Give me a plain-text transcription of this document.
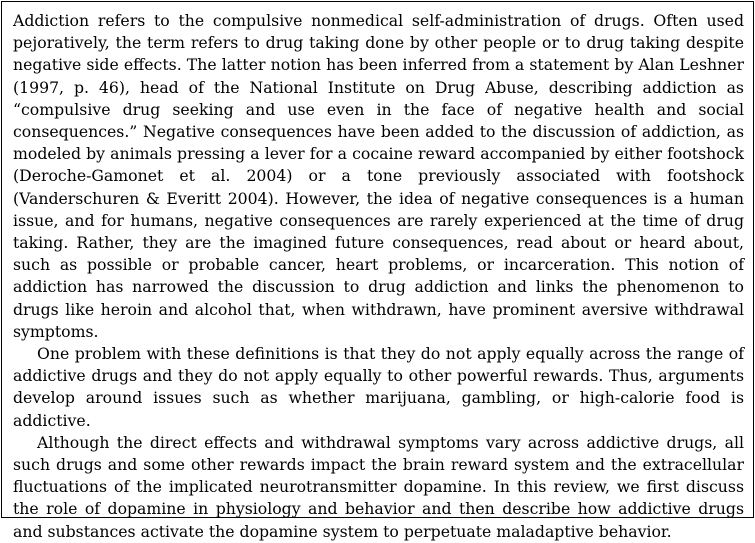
Addiction refers to the compulsive nonmedical self-administration of drugs. Often used pejoratively, the term refers to drug taking done by other people or to drug taking despite negative side effects. The latter notion has been inferred from a statement by Alan Leshner (1997, p. 46), head of the National Institute on Drug Abuse, describing addiction as “compulsive drug seeking and use even in the face of negative health and social consequences.” Negative consequences have been added to the discussion of addiction, as modeled by animals pressing a lever for a cocaine reward accompanied by either footshock (Deroche-Gamonet et al. 2004) or a tone previously associated with footshock (Vanderschuren & Everitt 2004). However, the idea of negative consequences is a human issue, and for humans, negative consequences are rarely experienced at the time of drug taking. Rather, they are the imagined future consequences, read about or heard about, such as possible or probable cancer, heart problems, or incarceration. This notion of addiction has narrowed the discussion to drug addiction and links the phenomenon to drugs like heroin and alcohol that, when withdrawn, have prominent aversive withdrawal symptoms.

One problem with these definitions is that they do not apply equally across the range of addictive drugs and they do not apply equally to other powerful rewards. Thus, arguments develop around issues such as whether marijuana, gambling, or high-calorie food is addictive.

Although the direct effects and withdrawal symptoms vary across addictive drugs, all such drugs and some other rewards impact the brain reward system and the extracellular fluctuations of the implicated neurotransmitter dopamine. In this review, we first discuss the role of dopamine in physiology and behavior and then describe how addictive drugs and substances activate the dopamine system to perpetuate maladaptive behavior.
